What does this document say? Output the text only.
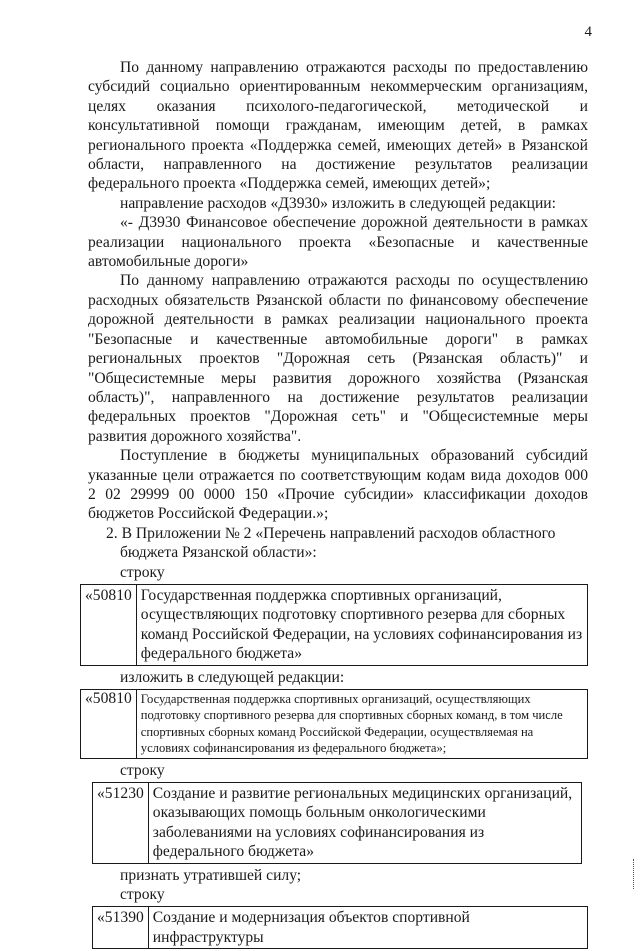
4

По данному направлению отражаются расходы по предоставлению субсидий социально ориентированным некоммерческим организациям, целях оказания психолого-педагогической, методической и консультативной помощи гражданам, имеющим детей, в рамках регионального проекта «Поддержка семей, имеющих детей» в Рязанской области, направленного на достижение результатов реализации федерального проекта «Поддержка семей, имеющих детей»;

направление расходов «Д3930» изложить в следующей редакции:

«- Д3930 Финансовое обеспечение дорожной деятельности в рамках реализации национального проекта «Безопасные и качественные автомобильные дороги»

По данному направлению отражаются расходы по осуществлению расходных обязательств Рязанской области по финансовому обеспечение дорожной деятельности в рамках реализации национального проекта "Безопасные и качественные автомобильные дороги" в рамках региональных проектов "Дорожная сеть (Рязанская область)" и "Общесистемные меры развития дорожного хозяйства (Рязанская область)", направленного на достижение результатов реализации федеральных проектов "Дорожная сеть" и "Общесистемные меры развития дорожного хозяйства".

Поступление в бюджеты муниципальных образований субсидий указанные цели отражается по соответствующим кодам вида доходов 000 2 02 29999 00 0000 150 «Прочие субсидии» классификации доходов бюджетов Российской Федерации.»;

2. В Приложении № 2 «Перечень направлений расходов областного бюджета Рязанской области»:

строку

«50810	Государственная поддержка спортивных организаций, осуществляющих подготовку спортивного резерва для сборных команд Российской Федерации, на условиях софинансирования из федерального бюджета»

изложить в следующей редакции:

«50810	Государственная поддержка спортивных организаций, осуществляющих подготовку спортивного резерва для спортивных сборных команд, в том числе спортивных сборных команд Российской Федерации, осуществляемая на условиях софинансирования из федерального бюджета»;

строку

«51230	Создание и развитие региональных медицинских организаций, оказывающих помощь больным онкологическими заболеваниями на условиях софинансирования из федерального бюджета»

признать утратившей силу;

строку

«51390	Создание и модернизация объектов спортивной инфраструктуры
